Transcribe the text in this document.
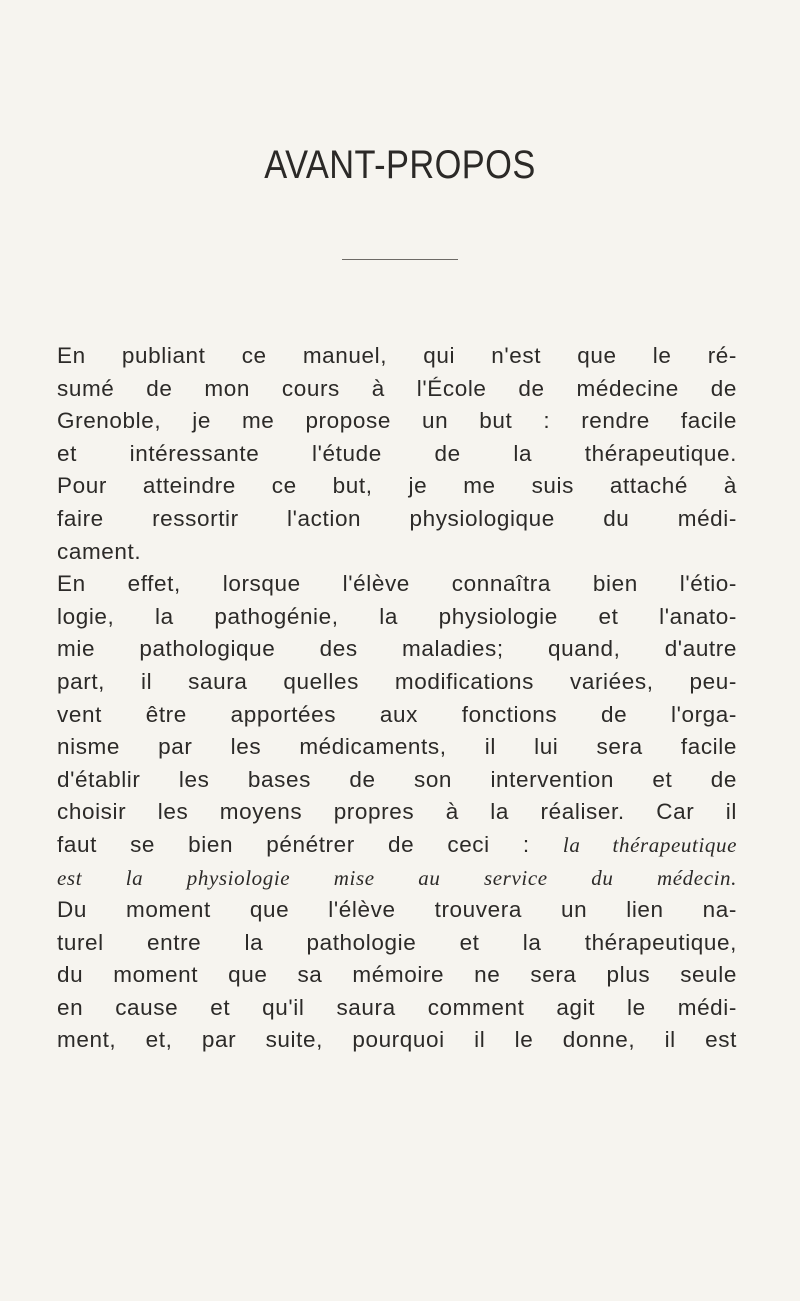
AVANT-PROPOS
En publiant ce manuel, qui n'est que le ré-
sumé de mon cours à l'École de médecine de
Grenoble, je me propose un but : rendre facile
et intéressante l'étude de la thérapeutique.
Pour atteindre ce but, je me suis attaché à
faire ressortir l'action physiologique du médi-
cament.
En effet, lorsque l'élève connaîtra bien l'étio-
logie, la pathogénie, la physiologie et l'anato-
mie pathologique des maladies; quand, d'autre
part, il saura quelles modifications variées, peu-
vent être apportées aux fonctions de l'orga-
nisme par les médicaments, il lui sera facile
d'établir les bases de son intervention et de
choisir les moyens propres à la réaliser. Car il
faut se bien pénétrer de ceci : la thérapeutique
est la physiologie mise au service du médecin.
Du moment que l'élève trouvera un lien na-
turel entre la pathologie et la thérapeutique,
du moment que sa mémoire ne sera plus seule
en cause et qu'il saura comment agit le médi-
ment, et, par suite, pourquoi il le donne, il est
